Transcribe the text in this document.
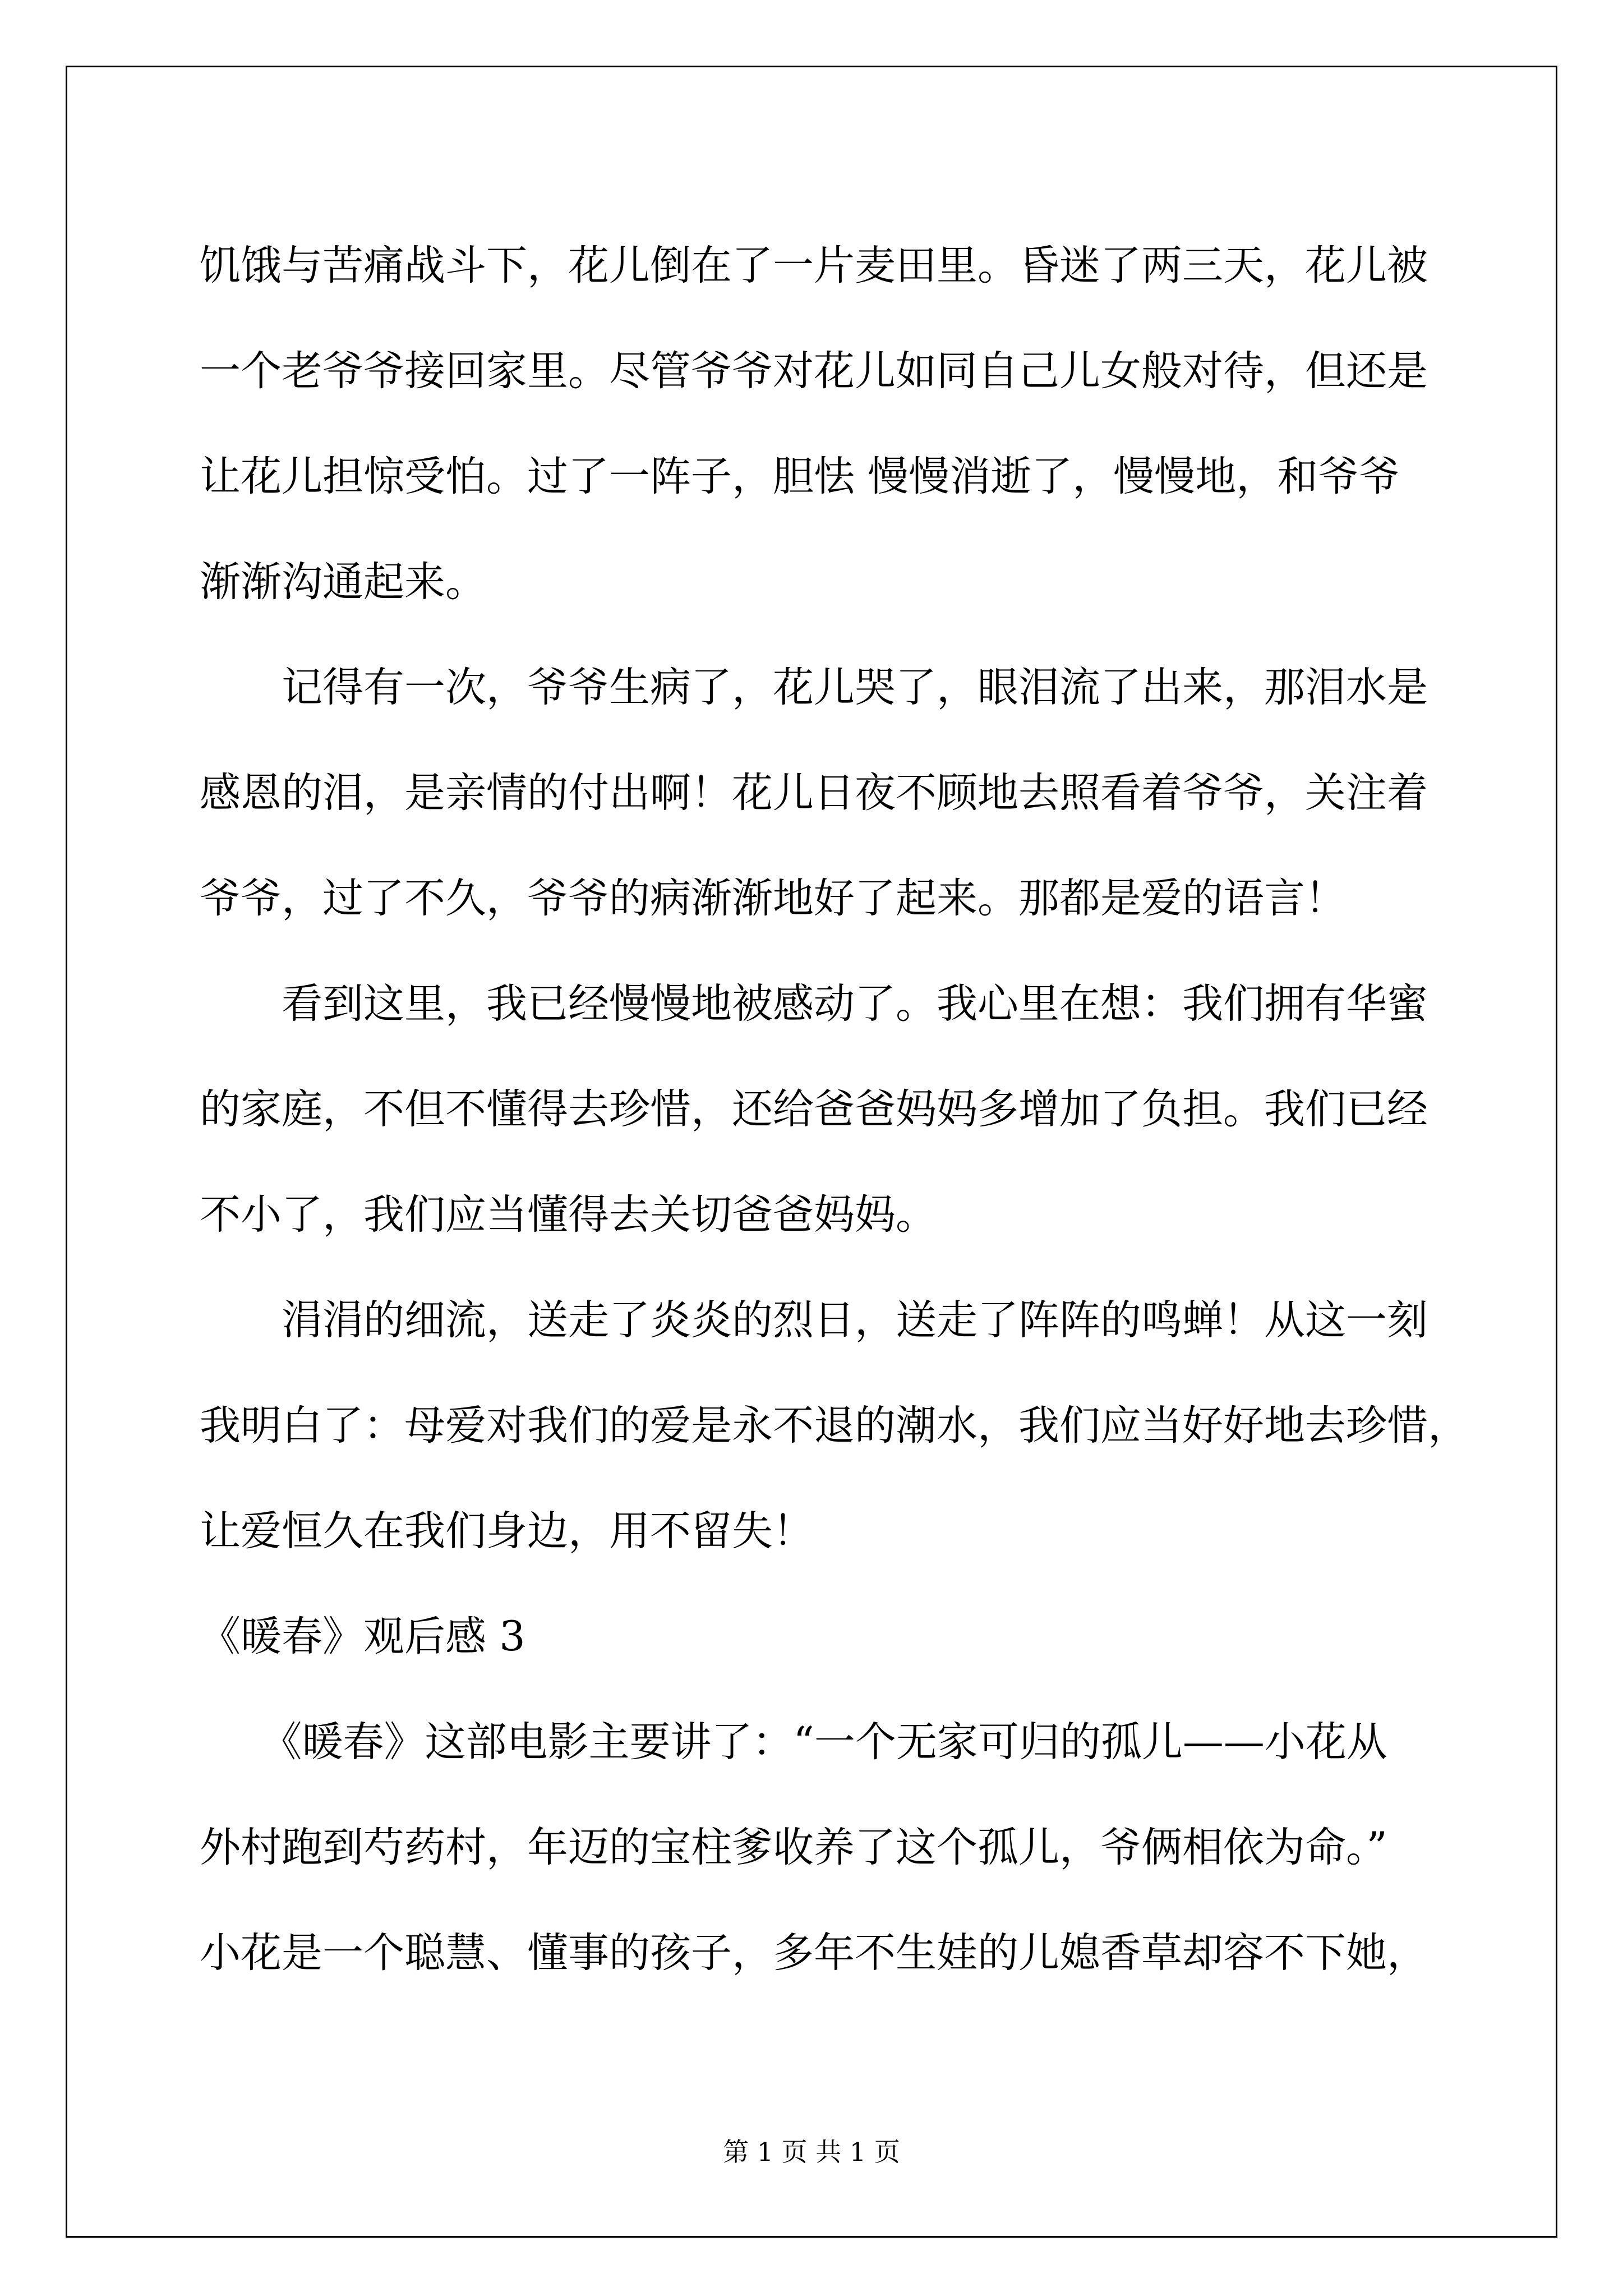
饥饿与苦痛战斗下，花儿倒在了一片麦田里。昏迷了两三天，花儿被
一个老爷爷接回家里。尽管爷爷对花儿如同自己儿女般对待，但还是
让花儿担惊受怕。过了一阵子，胆怯 慢慢消逝了，慢慢地，和爷爷
渐渐沟通起来。
　　记得有一次，爷爷生病了，花儿哭了，眼泪流了出来，那泪水是
感恩的泪，是亲情的付出啊！花儿日夜不顾地去照看着爷爷，关注着
爷爷，过了不久，爷爷的病渐渐地好了起来。那都是爱的语言！
　　看到这里，我已经慢慢地被感动了。我心里在想：我们拥有华蜜
的家庭，不但不懂得去珍惜，还给爸爸妈妈多增加了负担。我们已经
不小了，我们应当懂得去关切爸爸妈妈。
　　涓涓的细流，送走了炎炎的烈日，送走了阵阵的鸣蝉！从这一刻
我明白了：母爱对我们的爱是永不退的潮水，我们应当好好地去珍惜，
让爱恒久在我们身边，用不留失！
《暖春》观后感 3
　　《暖春》这部电影主要讲了：“一个无家可归的孤儿——小花从
外村跑到芍药村，年迈的宝柱爹收养了这个孤儿，爷俩相依为命。”
小花是一个聪慧、懂事的孩子，多年不生娃的儿媳香草却容不下她，
第 1 页 共 1 页
